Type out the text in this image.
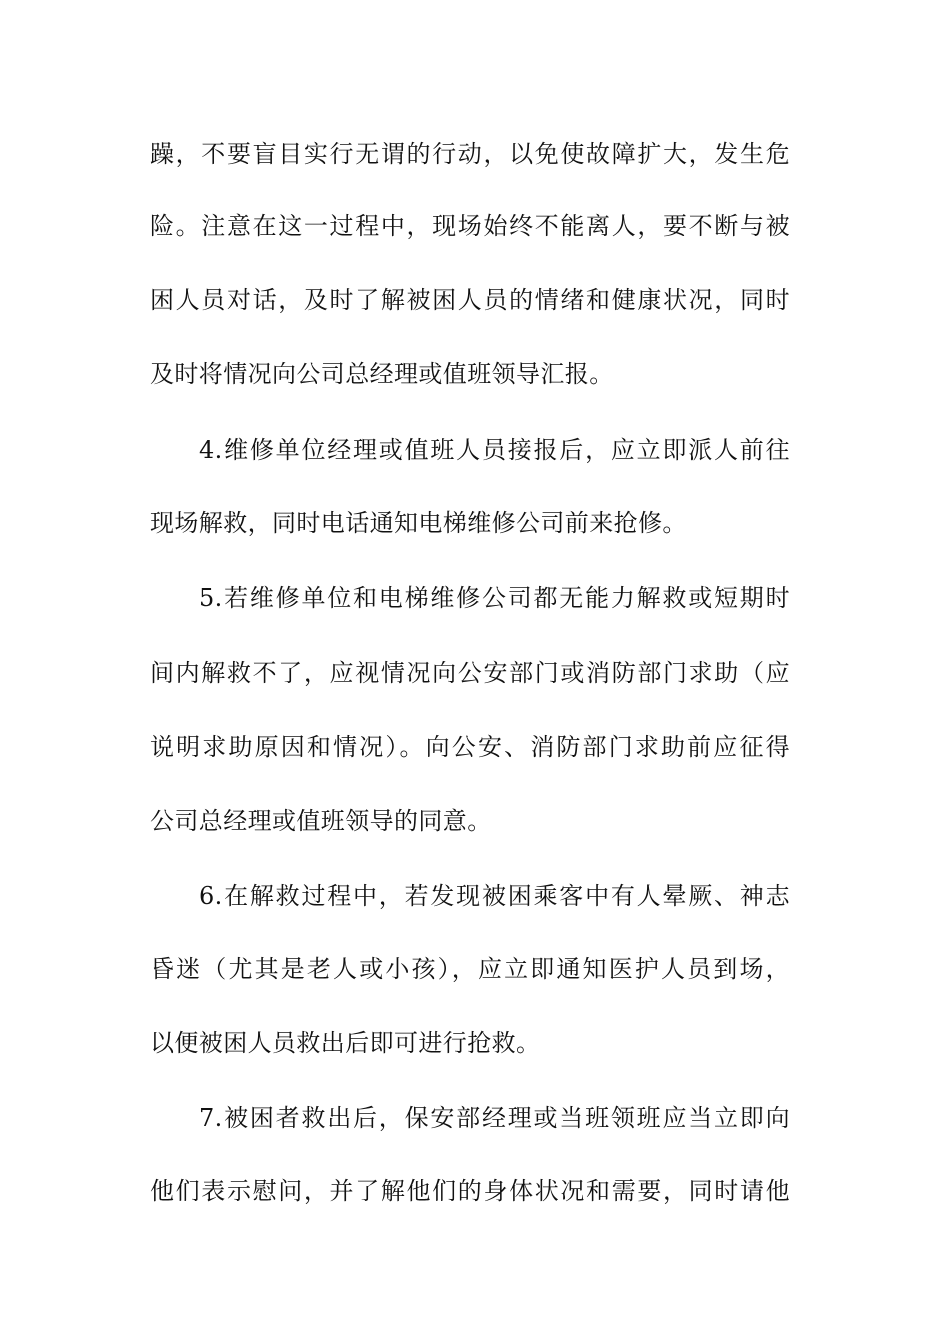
躁，不要盲目实行无谓的行动，以免使故障扩大，发生危
险。注意在这一过程中，现场始终不能离人，要不断与被
困人员对话，及时了解被困人员的情绪和健康状况，同时
及时将情况向公司总经理或值班领导汇报。
4.维修单位经理或值班人员接报后，应立即派人前往
现场解救，同时电话通知电梯维修公司前来抢修。
5.若维修单位和电梯维修公司都无能力解救或短期时
间内解救不了，应视情况向公安部门或消防部门求助（应
说明求助原因和情况）。向公安、消防部门求助前应征得
公司总经理或值班领导的同意。
6.在解救过程中，若发现被困乘客中有人晕厥、神志
昏迷（尤其是老人或小孩），应立即通知医护人员到场，
以便被困人员救出后即可进行抢救。
7.被困者救出后，保安部经理或当班领班应当立即向
他们表示慰问，并了解他们的身体状况和需要，同时请他
